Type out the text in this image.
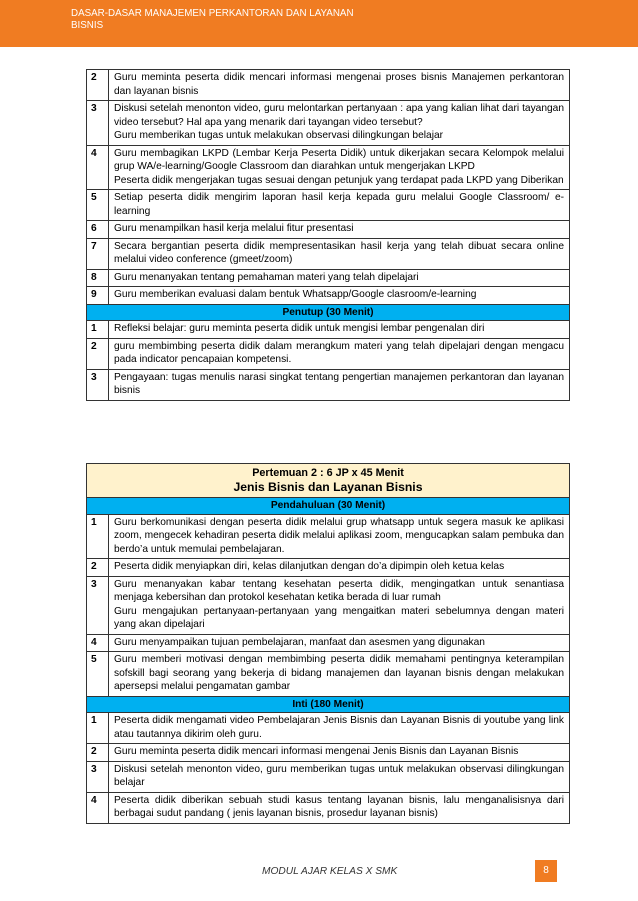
DASAR-DASAR MANAJEMEN PERKANTORAN DAN LAYANAN
BISNIS
2	Guru meminta peserta didik mencari informasi mengenai proses bisnis Manajemen perkantoran dan layanan bisnis

3	Diskusi setelah menonton video, guru melontarkan pertanyaan : apa yang kalian lihat dari tayangan video tersebut? Hal apa yang menarik dari tayangan video tersebut?
Guru memberikan tugas untuk melakukan observasi dilingkungan belajar

4	Guru membagikan LKPD (Lembar Kerja Peserta Didik) untuk dikerjakan secara Kelompok melalui grup WA/e-learning/Google Classroom dan diarahkan untuk mengerjakan LKPD
Peserta didik mengerjakan tugas sesuai dengan petunjuk yang terdapat pada LKPD yang Diberikan

5	Setiap peserta didik mengirim laporan hasil kerja kepada guru melalui Google Classroom/ e-learning

6	Guru menampilkan hasil kerja melalui fitur presentasi

7	Secara bergantian peserta didik mempresentasikan hasil kerja yang telah dibuat secara online melalui video conference (gmeet/zoom)

8	Guru menanyakan tentang pemahaman materi yang telah dipelajari

9	Guru memberikan evaluasi dalam bentuk Whatsapp/Google clasroom/e-learning

Penutup (30 Menit)	
1	Refleksi belajar: guru meminta peserta didik untuk mengisi lembar pengenalan diri

2	guru membimbing peserta didik dalam merangkum materi yang telah dipelajari dengan mengacu pada indicator pencapaian kompetensi.

3	Pengayaan: tugas menulis narasi singkat tentang pengertian manajemen perkantoran dan layanan bisnis
Pertemuan 2 : 6 JP x 45 Menit
Jenis Bisnis dan Layanan Bisnis	

Pendahuluan (30 Menit)	
1	Guru berkomunikasi dengan peserta didik melalui grup whatsapp untuk segera masuk ke aplikasi zoom, mengecek kehadiran peserta didik melalui aplikasi zoom, mengucapkan salam pembuka dan berdo’a untuk memulai pembelajaran.

2	Peserta didik menyiapkan diri, kelas dilanjutkan dengan do’a dipimpin oleh ketua kelas

3	Guru menanyakan kabar tentang kesehatan peserta didik, mengingatkan untuk senantiasa menjaga kebersihan dan protokol kesehatan ketika berada di luar rumah
Guru mengajukan pertanyaan-pertanyaan yang mengaitkan materi sebelumnya dengan materi yang akan dipelajari

4	Guru menyampaikan tujuan pembelajaran, manfaat dan asesmen yang digunakan

5	Guru memberi motivasi dengan membimbing peserta didik memahami pentingnya keterampilan sofskill bagi seorang yang bekerja di bidang manajemen dan layanan bisnis dengan melakukan apersepsi melalui pengamatan gambar

Inti (180 Menit)	
1	Peserta didik mengamati video Pembelajaran Jenis Bisnis dan Layanan Bisnis di youtube yang link atau tautannya dikirim oleh guru.

2	Guru meminta peserta didik mencari informasi mengenai Jenis Bisnis dan Layanan Bisnis

3	Diskusi setelah menonton video, guru memberikan tugas untuk melakukan observasi dilingkungan belajar

4	Peserta didik diberikan sebuah studi kasus tentang layanan bisnis, lalu menganalisisnya dari berbagai sudut pandang ( jenis layanan bisnis, prosedur layanan bisnis)
MODUL AJAR KELAS X SMK	8
